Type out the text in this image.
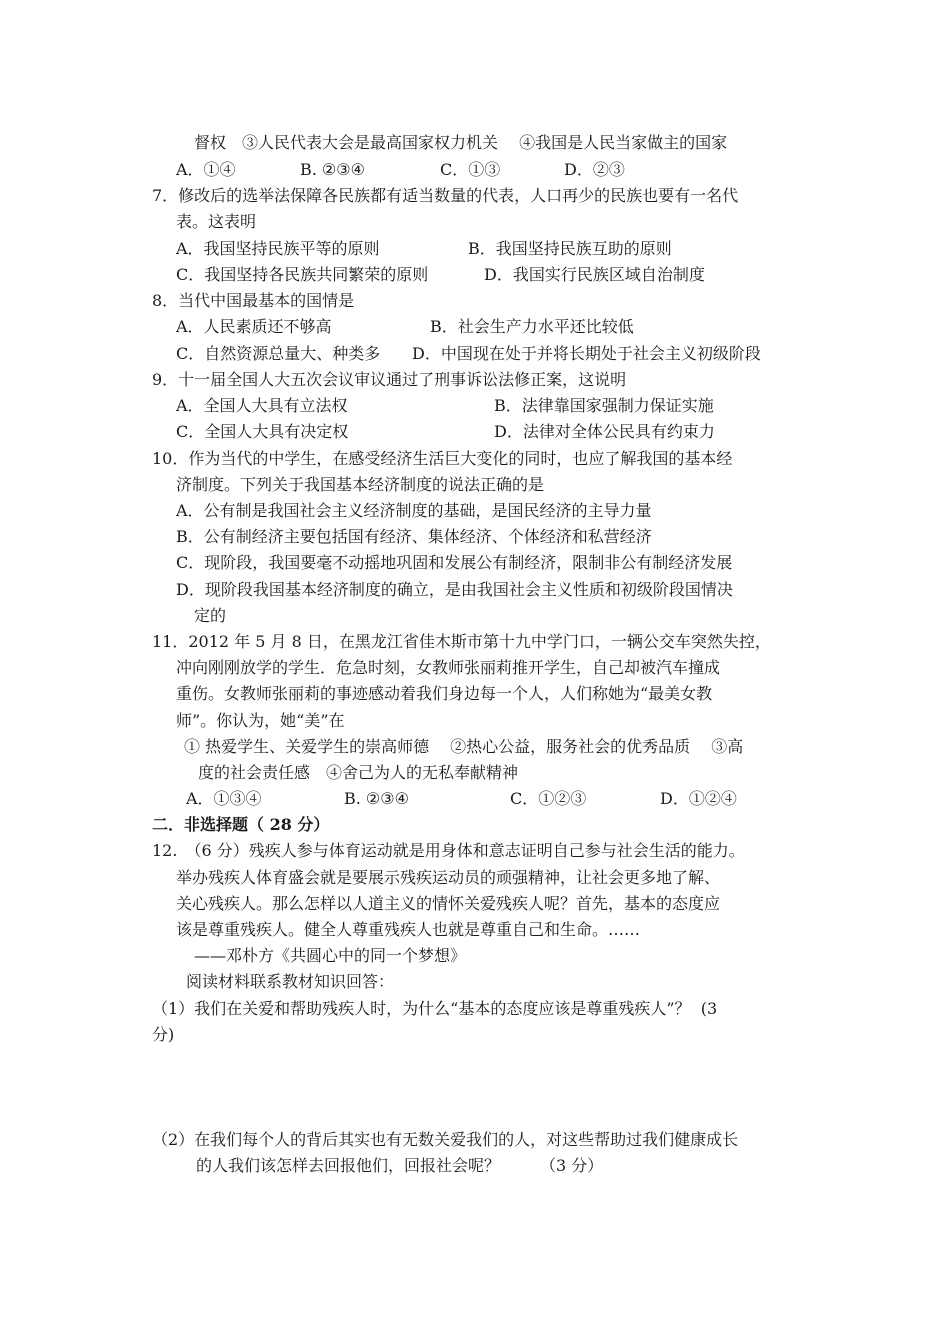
督权　③人民代表大会是最高国家权力机关　 ④我国是人民当家做主的国家
A．①④	B. ②③④	C．①③	D．②③
7．修改后的选举法保障各民族都有适当数量的代表，人口再少的民族也要有一名代
表。这表明
A．我国坚持民族平等的原则	B．我国坚持民族互助的原则
C．我国坚持各民族共同繁荣的原则	D．我国实行民族区域自治制度
8．当代中国最基本的国情是
A．人民素质还不够高	B．社会生产力水平还比较低
C．自然资源总量大、种类多 D．中国现在处于并将长期处于社会主义初级阶段
9．十一届全国人大五次会议审议通过了刑事诉讼法修正案，这说明
A．全国人大具有立法权	B．法律靠国家强制力保证实施
C．全国人大具有决定权	D．法律对全体公民具有约束力
10．作为当代的中学生，在感受经济生活巨大变化的同时，也应了解我国的基本经
济制度。下列关于我国基本经济制度的说法正确的是
A．公有制是我国社会主义经济制度的基础，是国民经济的主导力量
B．公有制经济主要包括国有经济、集体经济、个体经济和私营经济
C．现阶段，我国要毫不动摇地巩固和发展公有制经济，限制非公有制经济发展
D．现阶段我国基本经济制度的确立，是由我国社会主义性质和初级阶段国情决
定的
11．2012 年 5 月 8 日，在黑龙江省佳木斯市第十九中学门口，一辆公交车突然失控，
冲向刚刚放学的学生．危急时刻，女教师张丽莉推开学生，自己却被汽车撞成
重伤。女教师张丽莉的事迹感动着我们身边每一个人，人们称她为“最美女教
师”。你认为，她“美”在
① 热爱学生、关爱学生的崇高师德　 ②热心公益，服务社会的优秀品质　 ③高
度的社会责任感　④舍己为人的无私奉献精神
A．①③④	B. ②③④	C．①②③	D．①②④
二．非选择题（ 28 分）
12.　（6 分）残疾人参与体育运动就是用身体和意志证明自己参与社会生活的能力。
举办残疾人体育盛会就是要展示残疾运动员的顽强精神，让社会更多地了解、
关心残疾人。那么怎样以人道主义的情怀关爱残疾人呢？首先，基本的态度应
该是尊重残疾人。健全人尊重残疾人也就是尊重自己和生命。……
——邓朴方《共圆心中的同一个梦想》
阅读材料联系教材知识回答：
（1）我们在关爱和帮助残疾人时，为什么“基本的态度应该是尊重残疾人”？  (3
分)
（2）在我们每个人的背后其实也有无数关爱我们的人，对这些帮助过我们健康成长
的人我们该怎样去回报他们，回报社会呢？　　　（3 分）
